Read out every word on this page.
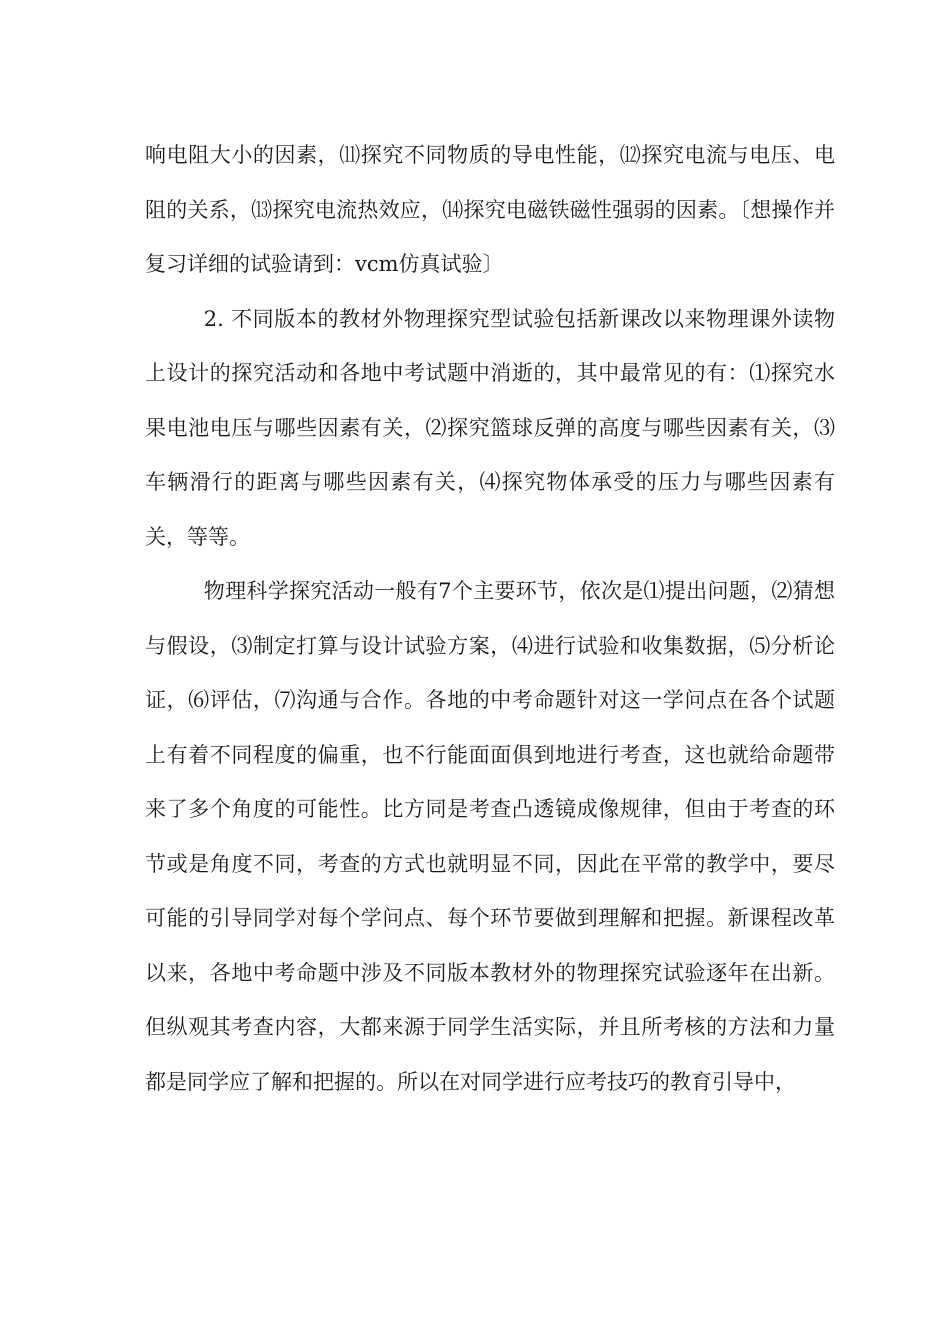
响电阻大小的因素，⑾探究不同物质的导电性能，⑿探究电流与电压、电阻的关系，⒀探究电流热效应，⒁探究电磁铁磁性强弱的因素。〔想操作并复习详细的试验请到：vcm仿真试验〕

2. 不同版本的教材外物理探究型试验包括新课改以来物理课外读物上设计的探究活动和各地中考试题中消逝的，其中最常见的有：⑴探究水果电池电压与哪些因素有关，⑵探究篮球反弹的高度与哪些因素有关，⑶车辆滑行的距离与哪些因素有关，⑷探究物体承受的压力与哪些因素有关，等等。

物理科学探究活动一般有7个主要环节，依次是⑴提出问题，⑵猜想与假设，⑶制定打算与设计试验方案，⑷进行试验和收集数据，⑸分析论证，⑹评估，⑺沟通与合作。各地的中考命题针对这一学问点在各个试题上有着不同程度的偏重，也不行能面面俱到地进行考查，这也就给命题带来了多个角度的可能性。比方同是考查凸透镜成像规律，但由于考查的环节或是角度不同，考查的方式也就明显不同，因此在平常的教学中，要尽可能的引导同学对每个学问点、每个环节要做到理解和把握。新课程改革以来，各地中考命题中涉及不同版本教材外的物理探究试验逐年在出新。但纵观其考查内容，大都来源于同学生活实际，并且所考核的方法和力量都是同学应了解和把握的。所以在对同学进行应考技巧的教育引导中，
